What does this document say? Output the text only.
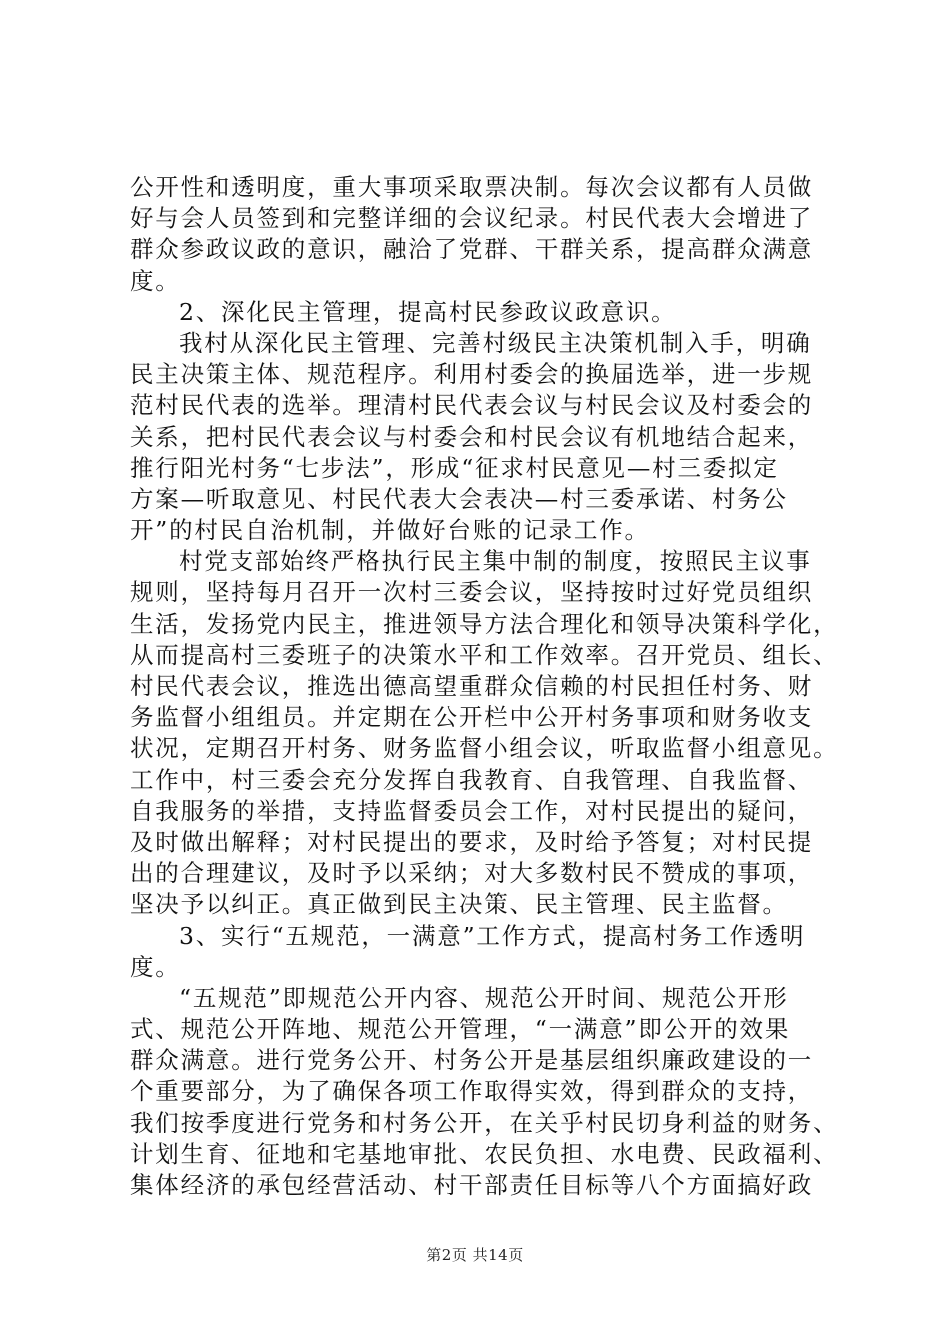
公开性和透明度，重大事项采取票决制。每次会议都有人员做
好与会人员签到和完整详细的会议纪录。村民代表大会增进了
群众参政议政的意识，融洽了党群、干群关系，提高群众满意
度。
2、深化民主管理，提高村民参政议政意识。
我村从深化民主管理、完善村级民主决策机制入手，明确
民主决策主体、规范程序。利用村委会的换届选举，进一步规
范村民代表的选举。理清村民代表会议与村民会议及村委会的
关系，把村民代表会议与村委会和村民会议有机地结合起来，
推行阳光村务“七步法”，形成“征求村民意见—村三委拟定
方案—听取意见、村民代表大会表决—村三委承诺、村务公
开”的村民自治机制，并做好台账的记录工作。
村党支部始终严格执行民主集中制的制度，按照民主议事
规则，坚持每月召开一次村三委会议，坚持按时过好党员组织
生活，发扬党内民主，推进领导方法合理化和领导决策科学化，
从而提高村三委班子的决策水平和工作效率。召开党员、组长、
村民代表会议，推选出德高望重群众信赖的村民担任村务、财
务监督小组组员。并定期在公开栏中公开村务事项和财务收支
状况，定期召开村务、财务监督小组会议，听取监督小组意见。
工作中，村三委会充分发挥自我教育、自我管理、自我监督、
自我服务的举措，支持监督委员会工作，对村民提出的疑问，
及时做出解释；对村民提出的要求，及时给予答复；对村民提
出的合理建议，及时予以采纳；对大多数村民不赞成的事项，
坚决予以纠正。真正做到民主决策、民主管理、民主监督。
3、实行“五规范，一满意”工作方式，提高村务工作透明
度。
“五规范”即规范公开内容、规范公开时间、规范公开形
式、规范公开阵地、规范公开管理，“一满意”即公开的效果
群众满意。进行党务公开、村务公开是基层组织廉政建设的一
个重要部分，为了确保各项工作取得实效，得到群众的支持，
我们按季度进行党务和村务公开，在关乎村民切身利益的财务、
计划生育、征地和宅基地审批、农民负担、水电费、民政福利、
集体经济的承包经营活动、村干部责任目标等八个方面搞好政
第2页 共14页
